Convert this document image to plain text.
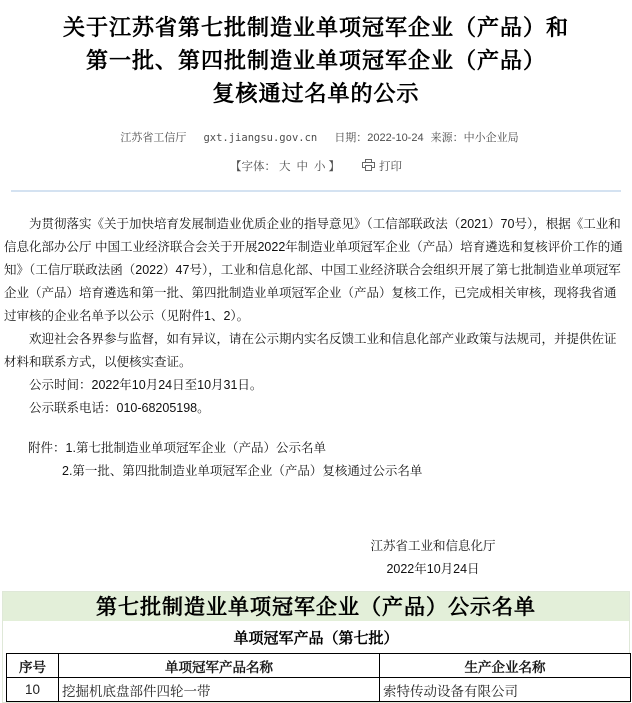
关于江苏省第七批制造业单项冠军企业（产品）和
第一批、第四批制造业单项冠军企业（产品）
复核通过名单的公示
江苏省工信厅 gxt.jiangsu.gov.cn 日期：2022-10-24 来源：中小企业局
【字体： 大 中 小 】	打印

为贯彻落实《关于加快培育发展制造业优质企业的指导意见》（工信部联政法（2021）70号），根据《工业和信息化部办公厅 中国工业经济联合会关于开展2022年制造业单项冠军企业（产品）培育遴选和复核评价工作的通知》（工信厅联政法函（2022）47号），工业和信息化部、中国工业经济联合会组织开展了第七批制造业单项冠军企业（产品）培育遴选和第一批、第四批制造业单项冠军企业（产品）复核工作，已完成相关审核，现将我省通过审核的企业名单予以公示（见附件1、2）。

欢迎社会各界参与监督，如有异议，请在公示期内实名反馈工业和信息化部产业政策与法规司，并提供佐证材料和联系方式，以便核实查证。

公示时间：2022年10月24日至10月31日。

公示联系电话：010-68205198。

附件：1.第七批制造业单项冠军企业（产品）公示名单

2.第一批、第四批制造业单项冠军企业（产品）复核通过公示名单

江苏省工业和信息化厅
2022年10月24日
第七批制造业单项冠军企业（产品）公示名单
单项冠军产品（第七批）
序号	单项冠军产品名称	生产企业名称
10	挖掘机底盘部件四轮一带	索特传动设备有限公司
